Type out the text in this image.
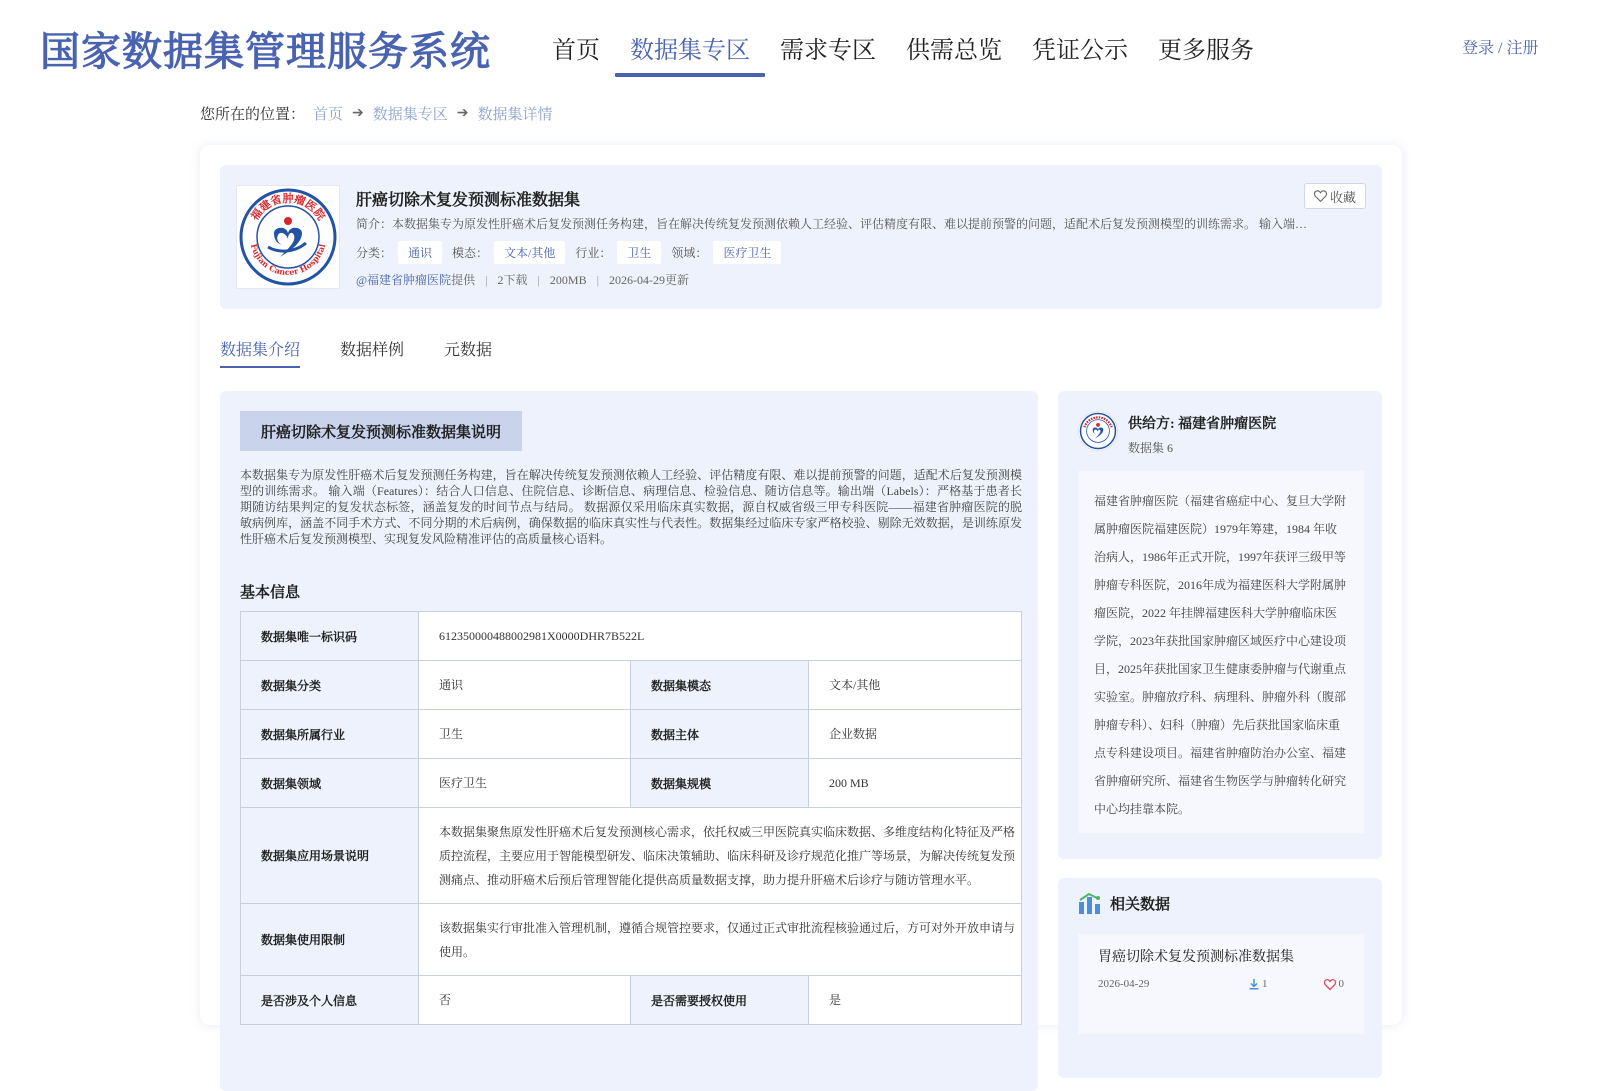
国家数据集管理服务系统	首页	数据集专区	需求专区	供需总览	凭证公示	更多服务	登录 / 注册
您所在的位置： 首页 ➔ 数据集专区 ➔ 数据集详情
福建省肿瘤医院
Fujian Cancer Hospital
肝癌切除术复发预测标准数据集
简介：本数据集专为原发性肝癌术后复发预测任务构建，旨在解决传统复发预测依赖人工经验、评估精度有限、难以提前预警的问题，适配术后复发预测模型的训练需求。 输入端…
分类：	通识	模态：	文本/其他	行业：	卫生	领域：	医疗卫生
@福建省肿瘤医院提供 | 2下载 | 200MB | 2026-04-29更新
收藏
数据集介绍	数据样例	元数据
肝癌切除术复发预测标准数据集说明
本数据集专为原发性肝癌术后复发预测任务构建，旨在解决传统复发预测依赖人工经验、评估精度有限、难以提前预警的问题，适配术后复发预测模型的训练需求。 输入端（Features）：结合人口信息、住院信息、诊断信息、病理信息、检验信息、随访信息等。输出端（Labels）：严格基于患者长期随访结果判定的复发状态标签，涵盖复发的时间节点与结局。 数据源仅采用临床真实数据，源自权威省级三甲专科医院——福建省肿瘤医院的脱敏病例库，涵盖不同手术方式、不同分期的术后病例，确保数据的临床真实性与代表性。数据集经过临床专家严格校验、剔除无效数据，是训练原发性肝癌术后复发预测模型、实现复发风险精准评估的高质量核心语料。
基本信息
数据集唯一标识码	612350000488002981X0000DHR7B522L		
数据集分类	通识	数据集模态	文本/其他
数据集所属行业	卫生	数据主体	企业数据
数据集领域	医疗卫生	数据集规模	200 MB
数据集应用场景说明	本数据集聚焦原发性肝癌术后复发预测核心需求，依托权威三甲医院真实临床数据、多维度结构化特征及严格质控流程，主要应用于智能模型研发、临床决策辅助、临床科研及诊疗规范化推广等场景，为解决传统复发预测痛点、推动肝癌术后预后管理智能化提供高质量数据支撑，助力提升肝癌术后诊疗与随访管理水平。		
数据集使用限制	该数据集实行审批准入管理机制，遵循合规管控要求，仅通过正式审批流程核验通过后，方可对外开放申请与使用。		
是否涉及个人信息	否	是否需要授权使用	是
供给方: 福建省肿瘤医院
数据集 6
福建省肿瘤医院（福建省癌症中心、复旦大学附属肿瘤医院福建医院）1979年筹建，1984 年收治病人，1986年正式开院，1997年获评三级甲等肿瘤专科医院，2016年成为福建医科大学附属肿瘤医院，2022 年挂牌福建医科大学肿瘤临床医学院，2023年获批国家肿瘤区域医疗中心建设项目，2025年获批国家卫生健康委肿瘤与代谢重点实验室。肿瘤放疗科、病理科、肿瘤外科（腹部肿瘤专科）、妇科（肿瘤）先后获批国家临床重点专科建设项目。福建省肿瘤防治办公室、福建省肿瘤研究所、福建省生物医学与肿瘤转化研究中心均挂靠本院。
相关数据
胃癌切除术复发预测标准数据集
2026-04-29	1	0
